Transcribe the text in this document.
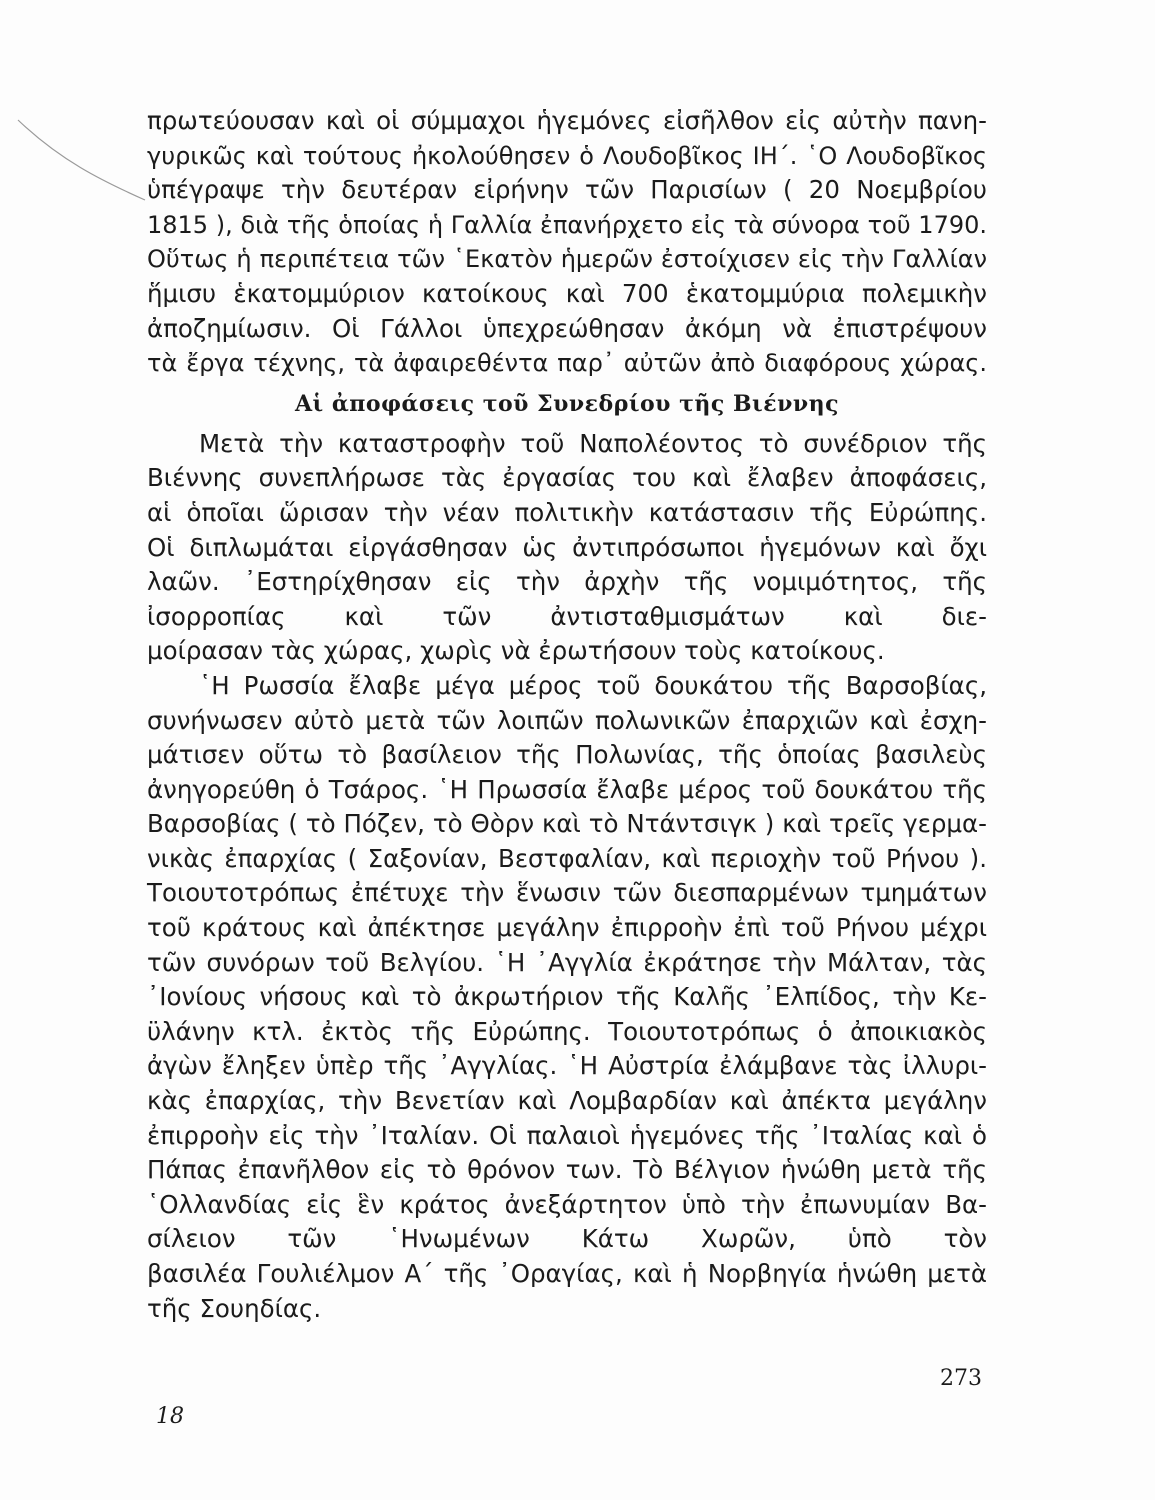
πρωτεύουσαν καὶ οἱ σύμμαχοι ἡγεμόνες εἰσῆλθον εἰς αὐτὴν πανη-
γυρικῶς καὶ τούτους ἠκολούθησεν ὁ Λουδοβῖκος ΙΗ΄. ῾Ο Λουδοβῖκος
ὑπέγραψε τὴν δευτέραν εἰρήνην τῶν Παρισίων ( 20 Νοεμβρίου
1815 ), διὰ τῆς ὁποίας ἡ Γαλλία ἐπανήρχετο εἰς τὰ σύνορα τοῦ 1790.
Οὕτως ἡ περιπέτεια τῶν ῾Εκατὸν ἡμερῶν ἐστοίχισεν εἰς τὴν Γαλλίαν
ἥμισυ ἑκατομμύριον κατοίκους καὶ 700 ἑκατομμύρια πολεμικὴν
ἀποζημίωσιν. Οἱ Γάλλοι ὑπεχρεώθησαν ἀκόμη νὰ ἐπιστρέψουν
τὰ ἔργα τέχνης, τὰ ἀφαιρεθέντα παρ᾽ αὐτῶν ἀπὸ διαφόρους χώρας.
Αἱ ἀποφάσεις τοῦ Συνεδρίου τῆς Βιέννης
Μετὰ τὴν καταστροφὴν τοῦ Ναπολέοντος τὸ συνέδριον τῆς
Βιέννης συνεπλήρωσε τὰς ἐργασίας του καὶ ἔλαβεν ἀποφάσεις,
αἱ ὁποῖαι ὥρισαν τὴν νέαν πολιτικὴν κατάστασιν τῆς Εὐρώπης.
Οἱ διπλωμάται εἰργάσθησαν ὡς ἀντιπρόσωποι ἡγεμόνων καὶ ὄχι
λαῶν. ᾿Εστηρίχθησαν εἰς τὴν ἀρχὴν τῆς νομιμότητος, τῆς
ἰσορροπίας καὶ τῶν ἀντισταθμισμάτων καὶ διε-
μοίρασαν τὰς χώρας, χωρὶς νὰ ἐρωτήσουν τοὺς κατοίκους.
῾Η Ρωσσία ἔλαβε μέγα μέρος τοῦ δουκάτου τῆς Βαρσοβίας,
συνήνωσεν αὐτὸ μετὰ τῶν λοιπῶν πολωνικῶν ἐπαρχιῶν καὶ ἐσχη-
μάτισεν οὕτω τὸ βασίλειον τῆς Πολωνίας, τῆς ὁποίας βασιλεὺς
ἀνηγορεύθη ὁ Τσάρος. ῾Η Πρωσσία ἔλαβε μέρος τοῦ δουκάτου τῆς
Βαρσοβίας ( τὸ Πόζεν, τὸ Θὸρν καὶ τὸ Ντάντσιγκ ) καὶ τρεῖς γερμα-
νικὰς ἐπαρχίας ( Σαξονίαν, Βεστφαλίαν, καὶ περιοχὴν τοῦ Ρήνου ).
Τοιουτοτρόπως ἐπέτυχε τὴν ἕνωσιν τῶν διεσπαρμένων τμημάτων
τοῦ κράτους καὶ ἀπέκτησε μεγάλην ἐπιρροὴν ἐπὶ τοῦ Ρήνου μέχρι
τῶν συνόρων τοῦ Βελγίου. ῾Η ᾿Αγγλία ἐκράτησε τὴν Μάλταν, τὰς
᾿Ιονίους νήσους καὶ τὸ ἀκρωτήριον τῆς Καλῆς ᾿Ελπίδος, τὴν Κε-
ϋλάνην κτλ. ἐκτὸς τῆς Εὐρώπης. Τοιουτοτρόπως ὁ ἀποικιακὸς
ἀγὼν ἔληξεν ὑπὲρ τῆς ᾿Αγγλίας. ῾Η Αὐστρία ἐλάμβανε τὰς ἰλλυρι-
κὰς ἐπαρχίας, τὴν Βενετίαν καὶ Λομβαρδίαν καὶ ἀπέκτα μεγάλην
ἐπιρροὴν εἰς τὴν ᾿Ιταλίαν. Οἱ παλαιοὶ ἡγεμόνες τῆς ᾿Ιταλίας καὶ ὁ
Πάπας ἐπανῆλθον εἰς τὸ θρόνον των. Τὸ Βέλγιον ἡνώθη μετὰ τῆς
῾Ολλανδίας εἰς ἓν κράτος ἀνεξάρτητον ὑπὸ τὴν ἐπωνυμίαν Βα-
σίλειον τῶν ῾Ηνωμένων Κάτω Χωρῶν, ὑπὸ τὸν
βασιλέα Γουλιέλμον Α΄ τῆς ᾿Οραγίας, καὶ ἡ Νορβηγία ἡνώθη μετὰ
τῆς Σουηδίας.
273
18
